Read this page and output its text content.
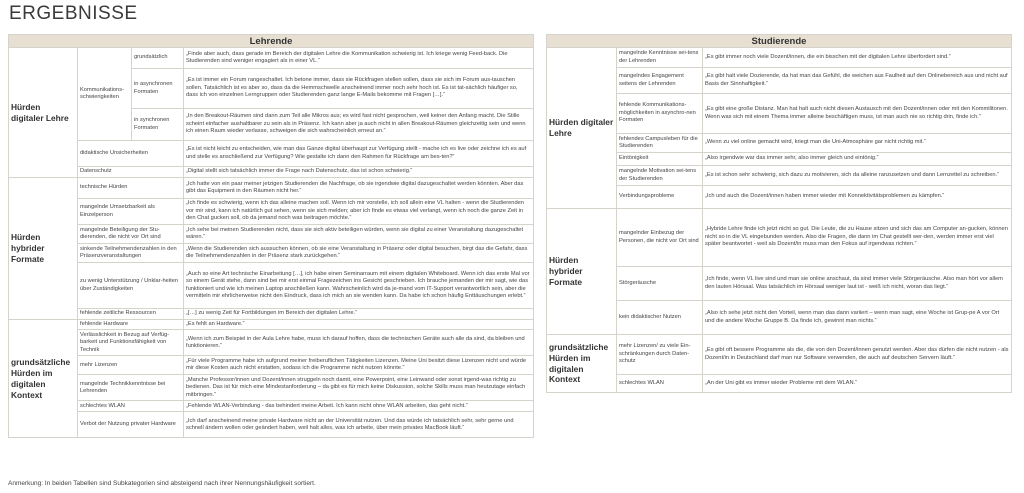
ERGEBNISSE
Lehrende			
Hürden digitaler Lehre	Kommunikations-schwierigkeiten	grundsätzlich	„Finde aber auch, dass gerade im Bereich der digitalen Lehre die Kommunikation schwierig ist. Ich kriege wenig Feed-back. Die Studierenden sind weniger engagiert als in einer VL.“
		in asynchronen Formaten	„Es ist immer ein Forum rangeschaltet. Ich betone immer, dass sie Rückfragen stellen sollen, dass sie sich im Forum aus-tauschen sollen. Tatsächlich ist es aber so, dass da die Hemmschwelle anscheinend immer noch sehr hoch ist. Es ist tat-sächlich häufiger so, dass ich von einzelnen Lerngruppen oder Studierenden ganz lange E-Mails bekomme mit Fragen […].“
		in synchronen Formaten	„In den Breakout-Räumen sind dann zum Teil alle Mikros aus; es wird fast nicht gesprochen, weil keiner den Anfang macht. Die Stille scheint einfacher aushaltbarer zu sein als in Präsenz. Ich kann aber ja auch nicht in allen Breakout-Räumen gleichzeitig sein und wenn ich einen Raum wieder verlasse, schweigen die sich wahrscheinlich erneut an.“
	didaktische Unsicherheiten		„Es ist nicht leicht zu entscheiden, wie man das Ganze digital überhaupt zur Verfügung stellt - mache ich es live oder zeichne ich es auf und stelle es anschließend zur Verfügung? Wie gestalte ich dann den Rahmen für Rückfrage am bes-ten?“
	Datenschutz		„Digital stellt sich tatsächlich immer die Frage nach Datenschutz, das ist schon schwierig.“
Hürden hybrider Formate	technische Hürden		„Ich hatte von ein paar meiner jetzigen Studierenden die Nachfrage, ob sie irgendwie digital dazugeschaltet werden könnten. Aber das gibt das Equipment in den Räumen nicht her.“
	mangelnde Umsetzbarkeit als Einzelperson		„Ich finde es schwierig, wenn ich das alleine machen soll. Wenn ich mir vorstelle, ich soll allein eine VL halten - wenn die Studierenden vor mir sind, kann ich natürlich gut sehen, wenn sie sich melden; aber ich finde es etwas viel verlangt, wenn ich noch die ganze Zeit in den Chat gucken soll, ob da jemand noch was beitragen möchte.“
	mangelnde Beteiligung der Stu-dierenden, die nicht vor Ort sind		„Ich sehe bei meinen Studierenden nicht, dass sie sich aktiv beteiligen würden, wenn sie digital zu einer Veranstaltung dazugeschaltet wären.“
	sinkende Teilnehmendenzahlen in den Präsenzveranstaltungen		„Wenn die Studierenden sich aussuchen können, ob sie eine Veranstaltung in Präsenz oder digital besuchen, birgt das die Gefahr, dass die Teilnehmendenzahlen in der Präsenz stark zurückgehen.“
	zu wenig Unterstützung / Unklar-heiten über Zuständigkeiten		„Auch so eine Art technische Einarbeitung […], ich habe einen Seminarraum mit einem digitalen Whiteboard. Wenn ich das erste Mal vor so einem Gerät stehe, dann sind bei mir erst einmal Fragezeichen ins Gesicht geschrieben. Ich brauche jemanden der mir sagt, wie das funktioniert und wie ich meinen Laptop anschließen kann. Wahrscheinlich wird da je-mand vom IT-Support verantwortlich sein, aber die vermitteln mir ehrlicherweise nicht den Eindruck, dass ich mich an sie wenden kann. Da habe ich schon häufig Enttäuschungen erlebt.“
	fehlende zeitliche Ressourcen		„[…] zu wenig Zeit für Fortbildungen im Bereich der digitalen Lehre.“
grundsätzliche Hürden im digitalen Kontext	fehlende Hardware		„Es fehlt an Hardware.“
	Verlässlichkeit in Bezug auf Verfüg-barkeit und Funktionsfähigkeit von Technik		„Wenn ich zum Beispiel in der Aula Lehre habe, muss ich darauf hoffen, dass die technischen Geräte auch alle da sind, da bleiben und funktionieren.“
	mehr Lizenzen		„Für viele Programme habe ich aufgrund meiner freiberuflichen Tätigkeiten Lizenzen. Meine Uni besitzt diese Lizenzen nicht und würde mir diese Kosten auch nicht erstatten, sodass ich die Programme nicht nutzen könnte.“
	mangelnde Technikkenntnisse bei Lehrenden		„Manche Professor/innen und Dozent/innen struggeln noch damit, eine Powerpoint, eine Leinwand oder sonst irgend-was richtig zu bedienen. Das ist für mich eine Mindestanforderung – da gibt es für mich keine Diskussion, solche Skills muss man heutzutage einfach mitbringen.“
	schlechtes WLAN		„Fehlende WLAN-Verbindung - das behindert meine Arbeit. Ich kann nicht ohne WLAN arbeiten, das geht nicht.“
	Verbot der Nutzung privater Hardware		„Ich darf anscheinend meine private Hardware nicht an der Universität nutzen. Und das würde ich tatsächlich sehr, sehr gerne und schnell ändern wollen oder geändert haben, weil halt alles, was ich arbeite, über mein privates MacBook läuft.“
Studierende		
Hürden digitaler Lehre	mangelnde Kenntnisse sei-tens der Lehrenden	„Es gibt immer noch viele Dozent/innen, die ein bisschen mit der digitalen Lehre überfordert sind.“
	mangelndes Engagement seitens der Lehrenden	„Es gibt halt viele Dozierende, da hat man das Gefühl, die weichen aus Faulheit auf den Onlinebereich aus und nicht auf Basis der Sinnhaftigkeit.“
	fehlende Kommunikations-möglichkeiten in asynchro-nen Formaten	„Es gibt eine große Distanz. Man hat halt auch nicht diesen Austausch mit den Dozent/innen oder mit den Kommilitonen. Wenn was sich mit einem Thema immer alleine beschäftigen muss, ist man auch nie so richtig drin, finde ich.“
	fehlendes Campusleben für die Studierenden	„Wenn zu viel online gemacht wird, kriegt man die Uni-Atmosphäre gar nicht richtig mit.“
	Eintönigkeit	„Also irgendwie war das immer sehr, also immer gleich und eintönig.“
	mangelnde Motivation sei-tens der Studierenden	„Es ist schon sehr schwierig, sich dazu zu motivieren, sich da alleine ranzusetzen und dann Lernzettel zu schreiben.“
	Verbindungsprobleme	„Ich und auch die Dozent/innen haben immer wieder mit Konnektivitätsproblemen zu kämpfen.“
Hürden hybrider Formate	mangelnder Einbezug der Personen, die nicht vor Ort sind	„Hybride Lehre finde ich jetzt nicht so gut. Die Leute, die zu Hause sitzen und sich das am Computer an-gucken, können nicht so in die VL eingebunden werden. Also die Fragen, die dann im Chat gestellt wer-den, werden immer erst viel später beantwortet - weil als Dozent/in muss man den Fokus auf irgendwas richten.“
	Störgeräusche	„Ich finde, wenn VL live sind und man sie online anschaut, da sind immer viele Störgeräusche. Also man hört vor allem den lauten Hörsaal. Was tatsächlich im Hörsaal weniger laut ist - weiß ich nicht, woran das liegt.“
	kein didaktischer Nutzen	„Also ich sehe jetzt nicht den Vorteil, wenn man das dann variiert – wenn man sagt, eine Woche ist Grup-pe A vor Ort und die andere Woche Gruppe B. Da finde ich, gewinnt man nichts.“
grundsätzliche Hürden im digitalen Kontext	mehr Lizenzen/ zu viele Ein-schränkungen durch Daten-schutz	„Es gibt oft bessere Programme als die, die von den Dozent/innen genutzt werden. Aber das dürfen die nicht nutzen - als Dozent/in in Deutschland darf man nur Software verwenden, die auch auf deutschen Servern läuft.“
	schlechtes WLAN	„An der Uni gibt es immer wieder Probleme mit dem WLAN.“
Anmerkung: In beiden Tabellen sind Subkategorien sind absteigend nach ihrer Nennungshäufigkeit sortiert.
